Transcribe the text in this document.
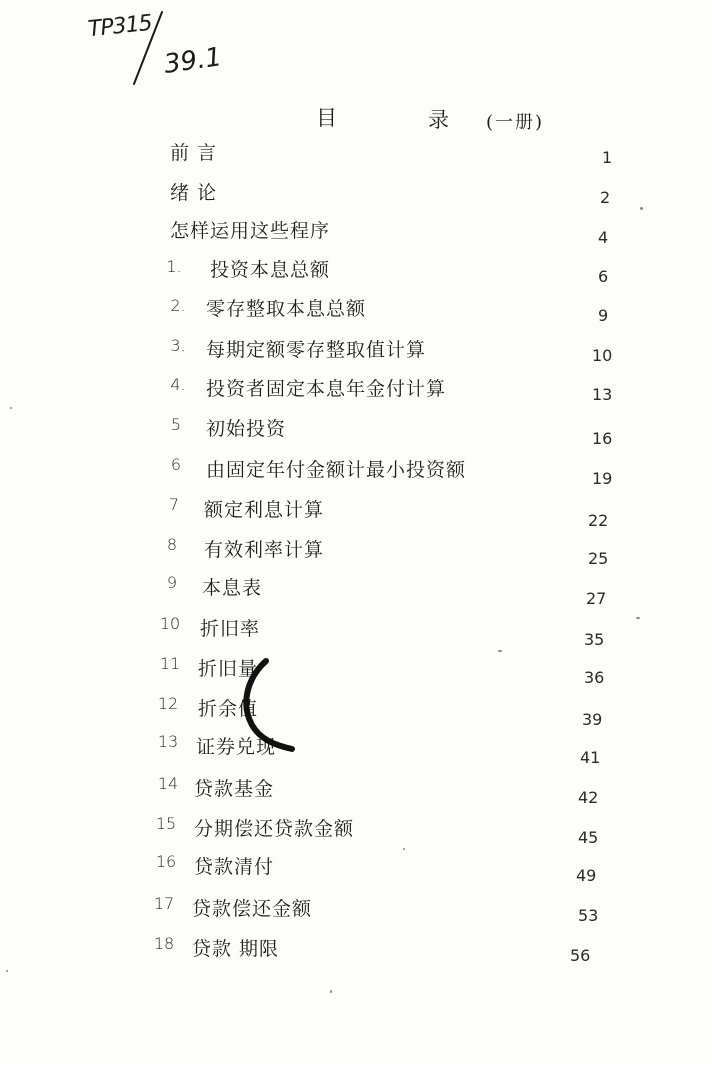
TP315
39.1
目	录 (一册)
前 言	1
绪 论	2
怎样运用这些程序	4
1.	投资本息总额	6
2.	零存整取本息总额	9
3.	每期定额零存整取值计算	10
4.	投资者固定本息年金付计算	13
5	初始投资	16
6	由固定年付金额计最小投资额	19
7	额定利息计算	22
8	有效利率计算	25
9	本息表	27
10 折旧率	35
11 折旧量	36
12 折余值	39
13 证券兑现	41
14 贷款基金	42
15 分期偿还贷款金额	45
16 贷款清付	49
17 贷款偿还金额	53
18 贷款 期限	56
